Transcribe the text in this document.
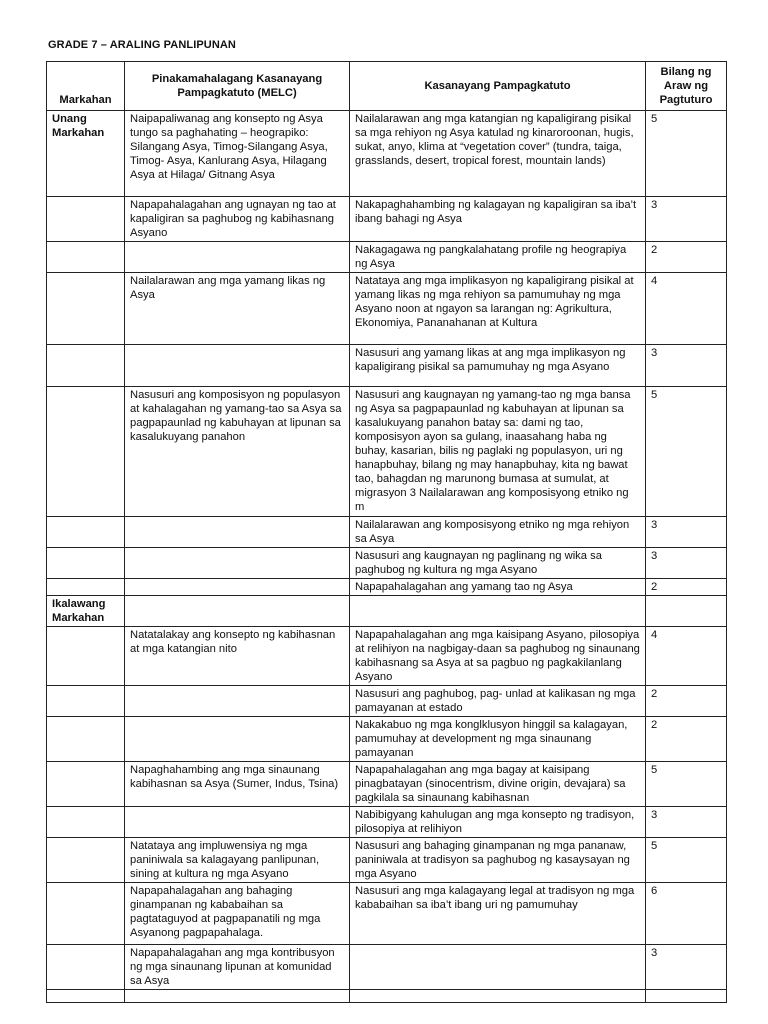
GRADE 7 – ARALING PANLIPUNAN
Markahan	Pinakamahalagang Kasanayang Pampagkatuto (MELC)	Kasanayang Pampagkatuto	Bilang ng Araw ng Pagtuturo
Unang Markahan	Naipapaliwanag ang konsepto ng Asya tungo sa paghahating – heograpiko: Silangang Asya, Timog-Silangang Asya, Timog- Asya, Kanlurang Asya, Hilagang Asya at Hilaga/ Gitnang Asya	Nailalarawan ang mga katangian ng kapaligirang pisikal sa mga rehiyon ng Asya katulad ng kinaroroonan, hugis, sukat, anyo, klima at “vegetation cover” (tundra, taiga, grasslands, desert, tropical forest, mountain lands)	5
	Napapahalagahan ang ugnayan ng tao at kapaligiran sa paghubog ng kabihasnang Asyano	Nakapaghahambing ng kalagayan ng kapaligiran sa iba’t ibang bahagi ng Asya	3
		Nakagagawa ng pangkalahatang profile ng heograpiya ng Asya	2
	Nailalarawan ang mga yamang likas ng Asya	Natataya ang mga implikasyon ng kapaligirang pisikal at yamang likas ng mga rehiyon sa pamumuhay ng mga Asyano noon at ngayon sa larangan ng: Agrikultura, Ekonomiya, Pananahanan at Kultura	4
		Nasusuri ang yamang likas at ang mga implikasyon ng kapaligirang pisikal sa pamumuhay ng mga Asyano	3
	Nasusuri ang komposisyon ng populasyon at kahalagahan ng yamang-tao sa Asya sa pagpapaunlad ng kabuhayan at lipunan sa kasalukuyang panahon	Nasusuri ang kaugnayan ng yamang-tao ng mga bansa ng Asya sa pagpapaunlad ng kabuhayan at lipunan sa kasalukuyang panahon batay sa: dami ng tao, komposisyon ayon sa gulang, inaasahang haba ng buhay, kasarian, bilis ng paglaki ng populasyon, uri ng hanapbuhay, bilang ng may hanapbuhay, kita ng bawat tao, bahagdan ng marunong bumasa at sumulat, at migrasyon 3 Nailalarawan ang komposisyong etniko ng m	5
		Nailalarawan ang komposisyong etniko ng mga rehiyon sa Asya	3
		Nasusuri ang kaugnayan ng paglinang ng wika sa paghubog ng kultura ng mga Asyano	3
		Napapahalagahan ang yamang tao ng Asya	2
Ikalawang Markahan			
	Natatalakay ang konsepto ng kabihasnan at mga katangian nito	Napapahalagahan ang mga kaisipang Asyano, pilosopiya at relihiyon na nagbigay-daan sa paghubog ng sinaunang kabihasnang sa Asya at sa pagbuo ng pagkakilanlang Asyano	4
		Nasusuri ang paghubog, pag- unlad at kalikasan ng mga pamayanan at estado	2
		Nakakabuo ng mga konglklusyon hinggil sa kalagayan, pamumuhay at development ng mga sinaunang pamayanan	2
	Napaghahambing ang mga sinaunang kabihasnan sa Asya (Sumer, Indus, Tsina)	Napapahalagahan ang mga bagay at kaisipang pinagbatayan (sinocentrism, divine origin, devajara) sa pagkilala sa sinaunang kabihasnan	5
		Nabibigyang kahulugan ang mga konsepto ng tradisyon, pilosopiya at relihiyon	3
	Natataya ang impluwensiya ng mga paniniwala sa kalagayang panlipunan, sining at kultura ng mga Asyano	Nasusuri ang bahaging ginampanan ng mga pananaw, paniniwala at tradisyon sa paghubog ng kasaysayan ng mga Asyano	5
	Napapahalagahan ang bahaging ginampanan ng kababaihan sa pagtataguyod at pagpapanatili ng mga Asyanong pagpapahalaga.	Nasusuri ang mga kalagayang legal at tradisyon ng mga kababaihan sa iba’t ibang uri ng pamumuhay	6
	Napapahalagahan ang mga kontribusyon ng mga sinaunang lipunan at komunidad sa Asya		3
